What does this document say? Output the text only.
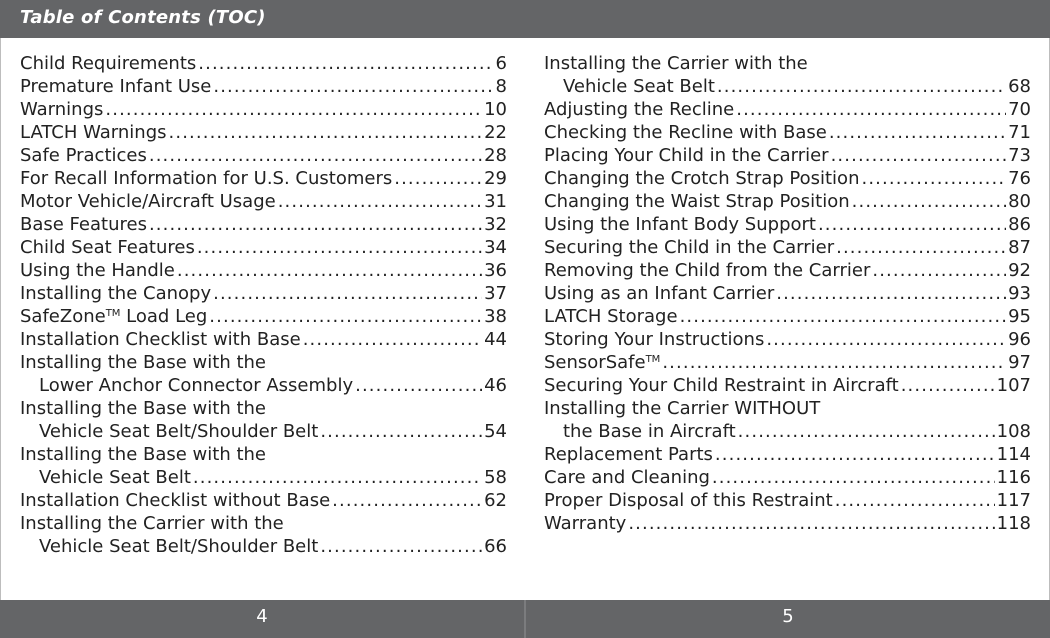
Table of Contents (TOC)
Child Requirements . . .	6
Premature Infant Use . . .	8
Warnings . . .	10
LATCH Warnings . . .	22
Safe Practices . . .	28
For Recall Information for U.S. Customers . . .	29
Motor Vehicle/Aircraft Usage . . .	31
Base Features . . .	32
Child Seat Features . . .	34
Using the Handle . . .	36
Installing the Canopy . . .	37
SafeZone™ Load Leg . . .	38
Installation Checklist with Base . . .	44
Installing the Base with the
Lower Anchor Connector Assembly . . .	46
Installing the Base with the
Vehicle Seat Belt/Shoulder Belt . . .	54
Installing the Base with the
Vehicle Seat Belt . . .	58
Installation Checklist without Base . . .	62
Installing the Carrier with the
Vehicle Seat Belt/Shoulder Belt . . .	66
Installing the Carrier with the
Vehicle Seat Belt . . .	68
Adjusting the Recline . . .	70
Checking the Recline with Base . . .	71
Placing Your Child in the Carrier . . .	73
Changing the Crotch Strap Position . . .	76
Changing the Waist Strap Position . . .	80
Using the Infant Body Support . . .	86
Securing the Child in the Carrier . . .	87
Removing the Child from the Carrier . . .	92
Using as an Infant Carrier . . .	93
LATCH Storage . . .	95
Storing Your Instructions . . .	96
SensorSafe™ . . .	97
Securing Your Child Restraint in Aircraft . . .	107
Installing the Carrier WITHOUT
the Base in Aircraft . . .	108
Replacement Parts . . .	114
Care and Cleaning . . .	116
Proper Disposal of this Restraint . . .	117
Warranty . . .	118
4	5
